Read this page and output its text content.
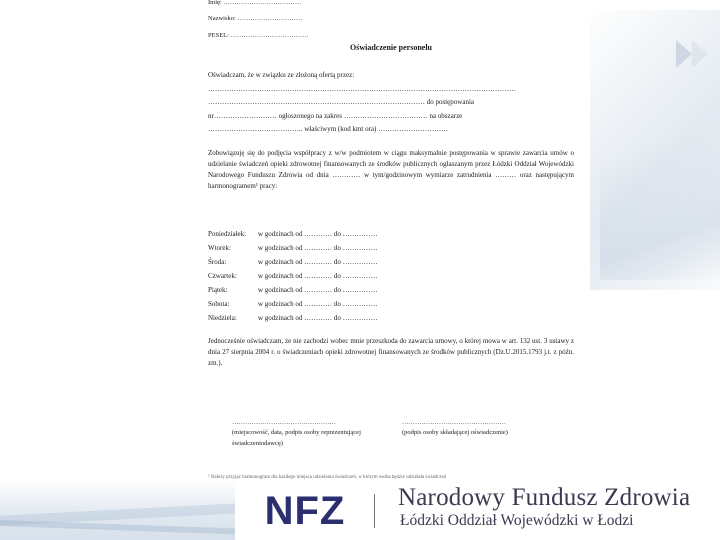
Imię: ………………………………
Nazwisko: …………………………
PESEL: ………………………………
Oświadczenie personelu
Oświadczam, że w związku ze złożoną ofertą przez:
……………………………………………………………………………………………………………………
………………………………………………………………………………… do postępowania
nr……………………… ogłoszonego na zakres ……………………………… na obszarze
………………………………….. właściwym (kod kmt ora) …………………………
Zobowiązuję się do podjęcia współpracy z w/w podmiotem w ciągu maksymalnie postępowania w sprawie zawarcia umów o udzielanie świadczeń opieki zdrowotnej finansowanych ze środków publicznych ogłaszanym przez Łódzki Oddział Wojewódzki Narodowego Funduszu Zdrowia od dnia ………… w tym/godzinowym wymiarze zatrudnienia ……… oraz następującym harmonogramem¹ pracy:
Poniedziałek: w godzinach od ………… do ……………
Wtorek:	w godzinach od ………… do ……………
Środa:	w godzinach od ………… do ……………
Czwartek:	w godzinach od ………… do ……………
Piątek:	w godzinach od ………… do ……………
Sobota:	w godzinach od ………… do ……………
Niedziela:	w godzinach od ………… do ……………
Jednocześnie oświadczam, że nie zachodzi wobec mnie przeszkoda do zawarcia umowy, o której mowa w art. 132 ust. 3 ustawy z dnia 27 sierpnia 2004 r. o świadczeniach opieki zdrowotnej finansowanych ze środków publicznych (Dz.U.2015.1793 j.t. z późn. zm.).
…………………………………………
(miejscowość, data, podpis osoby reprezentującej świadczeniodawcę)
…………………………………………
(podpis osoby składającej oświadczenie)
¹ Należy przyjąć harmonogram dla każdego miejsca udzielania świadczeń, w którym osoba będzie udzielała świadczeń
NFZ Narodowy Fundusz Zdrowia
Łódzki Oddział Wojewódzki w Łodzi
